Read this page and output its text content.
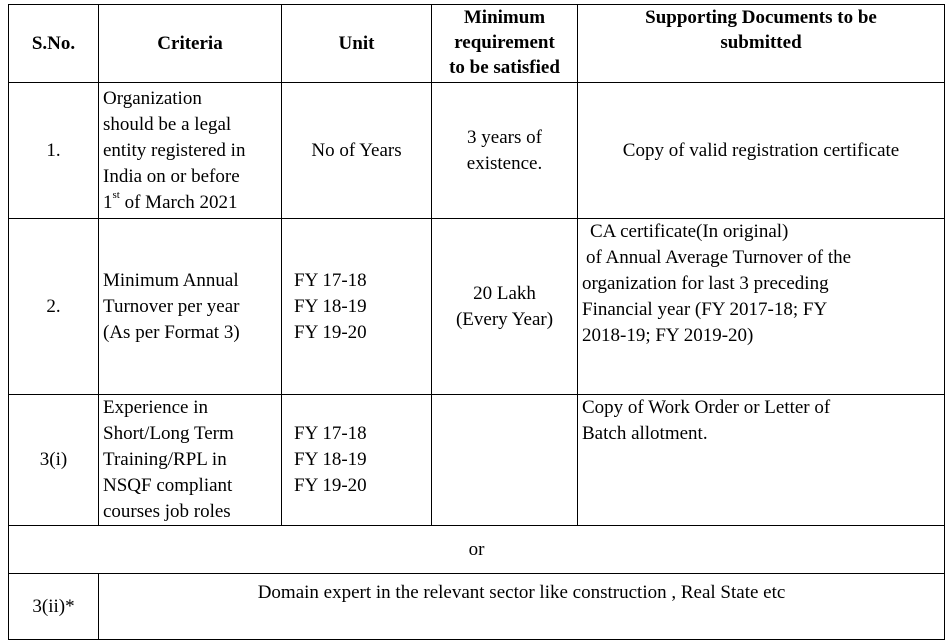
S.No.	Criteria	Unit	Minimum
requirement
to be satisfied	Supporting Documents to be
submitted

1.	Organization
should be a legal
entity registered in
India on or before
1st of March 2021	No of Years	3 years of
existence.	Copy of valid registration certificate

2.	Minimum Annual
Turnover per year
(As per Format 3)	FY 17-18
FY 18-19
FY 19-20	20 Lakh
(Every Year)	CA certificate(In original)
of Annual Average Turnover of the
organization for last 3 preceding
Financial year (FY 2017-18; FY
2018-19; FY 2019-20)

3(i)	Experience in
Short/Long Term
Training/RPL in
NSQF compliant
courses job roles	FY 17-18
FY 18-19
FY 19-20		Copy of Work Order or Letter of
Batch allotment.

or				
3(ii)*	Domain expert in the relevant sector like construction , Real State etc			
